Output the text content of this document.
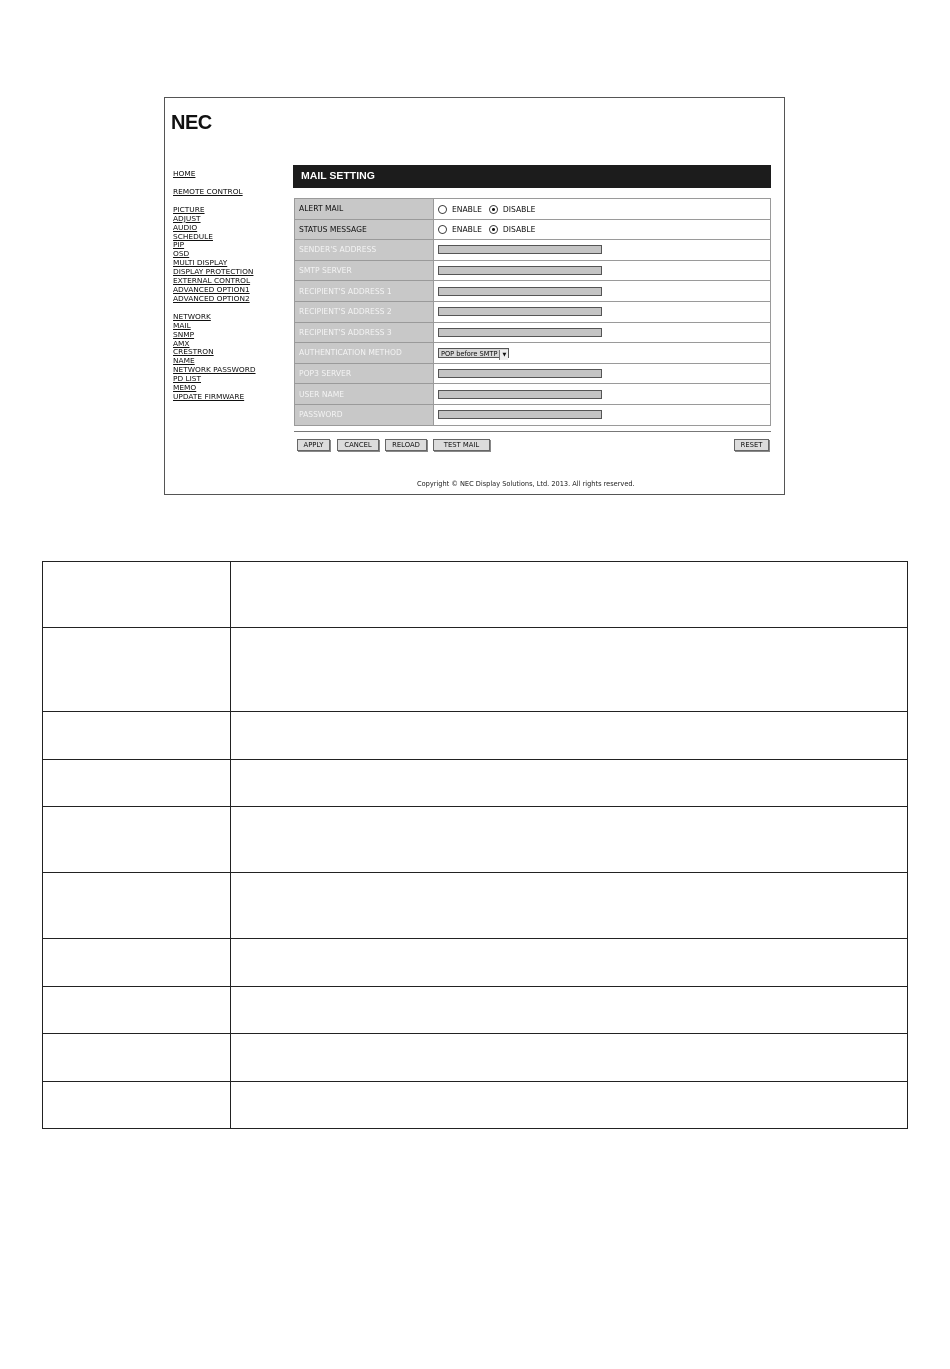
NEC
HOME
REMOTE CONTROL
PICTURE
ADJUST
AUDIO
SCHEDULE
PIP
OSD
MULTI DISPLAY
DISPLAY PROTECTION
EXTERNAL CONTROL
ADVANCED OPTION1
ADVANCED OPTION2
NETWORK
MAIL
SNMP
AMX
CRESTRON
NAME
NETWORK PASSWORD
PD LIST
MEMO
UPDATE FIRMWARE
MAIL SETTING
ALERT MAIL	ENABLE DISABLE
STATUS MESSAGE	ENABLE DISABLE
SENDER'S ADDRESS	

SMTP SERVER	

RECIPIENT'S ADDRESS 1	

RECIPIENT'S ADDRESS 2	

RECIPIENT'S ADDRESS 3	

AUTHENTICATION METHOD	POP before SMTP ▼
POP3 SERVER	

USER NAME	

PASSWORD	
APPLY	CANCEL	RELOAD	TEST MAIL	RESET
Copyright © NEC Display Solutions, Ltd. 2013. All rights reserved.
